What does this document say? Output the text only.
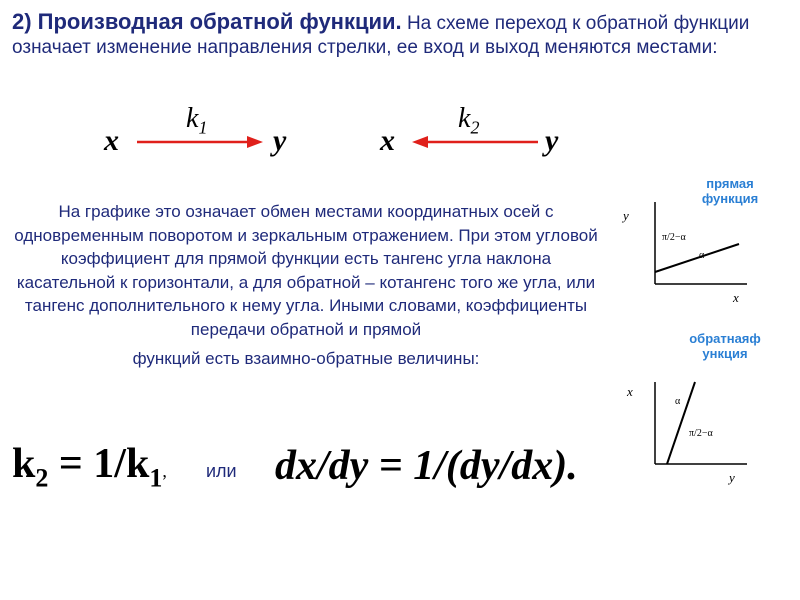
2) Производная обратной функции. На схеме переход к обратной функции означает изменение направления стрелки, ее вход и выход меняются местами:
x
$k_1$ y	x
$k_2$ y
На графике это означает обмен местами координатных осей с одновременным поворотом и зеркальным отражением. При этом угловой коэффициент для прямой функции есть тангенс угла наклона касательной к горизонтали, а для обратной – котангенс того же угла, или тангенс дополнительного к нему угла. Иными словами, коэффициенты передачи обратной и прямой
функций есть взаимно-обратные величины:
$k_2 = 1/k_1$, или dx/dy = 1/(dy/dx).
прямая
функция
y
x
π/2−α
α
обратнаяф
ункция
x
y
α
π/2−α
